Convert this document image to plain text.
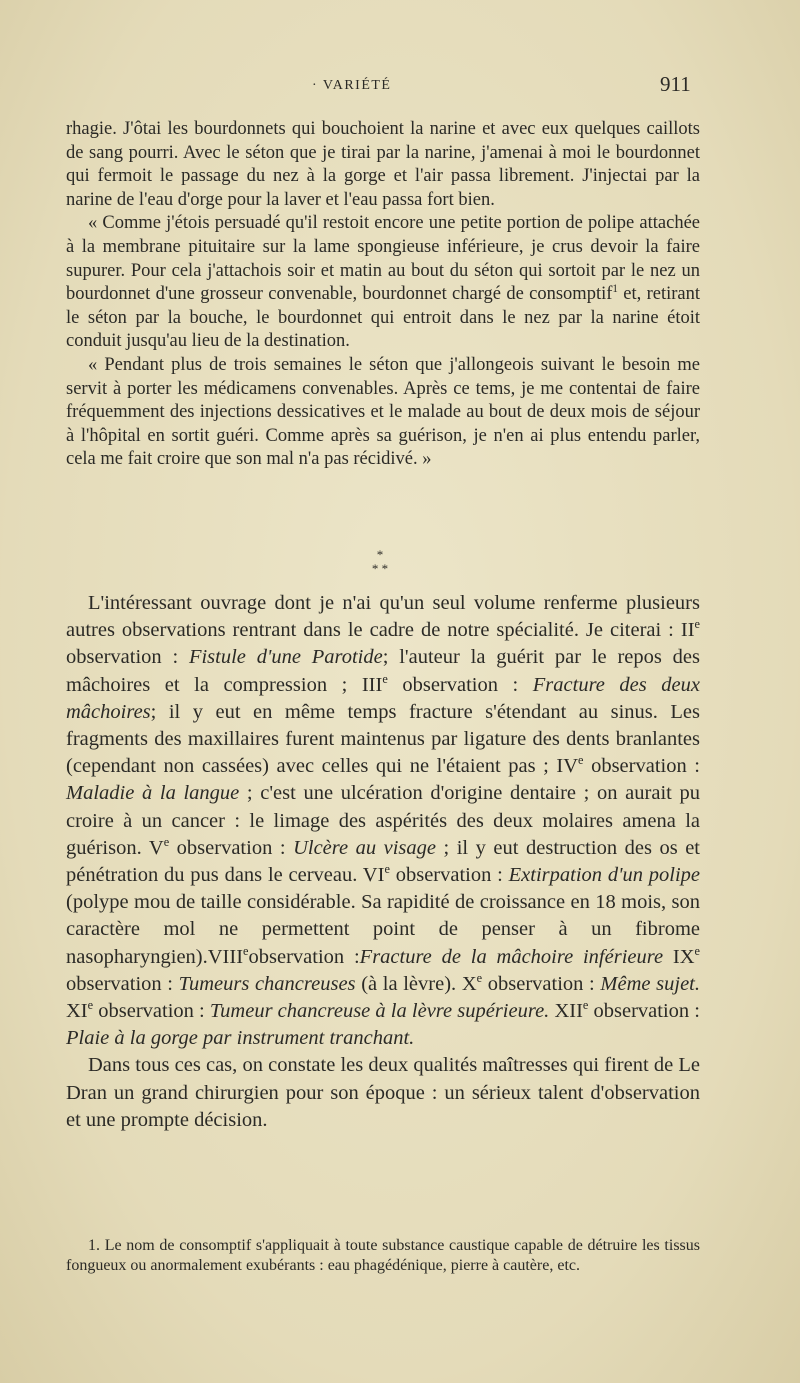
· VARIÉTÉ	911

rhagie. J'ôtai les bourdonnets qui bouchoient la narine et avec eux quelques caillots de sang pourri. Avec le séton que je tirai par la narine, j'amenai à moi le bourdonnet qui fermoit le passage du nez à la gorge et l'air passa librement. J'injectai par la narine de l'eau d'orge pour la laver et l'eau passa fort bien.

« Comme j'étois persuadé qu'il restoit encore une petite portion de polipe attachée à la membrane pituitaire sur la lame spongieuse inférieure, je crus devoir la faire supurer. Pour cela j'attachois soir et matin au bout du séton qui sortoit par le nez un bourdonnet d'une grosseur convenable, bourdonnet chargé de consomptif$^1$ et, retirant le séton par la bouche, le bourdonnet qui entroit dans le nez par la narine étoit conduit jusqu'au lieu de la destination.

« Pendant plus de trois semaines le séton que j'allongeois suivant le besoin me servit à porter les médicamens convenables. Après ce tems, je me contentai de faire fréquemment des injections dessicatives et le malade au bout de deux mois de séjour à l'hôpital en sortit guéri. Comme après sa guérison, je n'en ai plus entendu parler, cela me fait croire que son mal n'a pas récidivé. »

*
* *

L'intéressant ouvrage dont je n'ai qu'un seul volume renferme plusieurs autres observations rentrant dans le cadre de notre spécialité. Je citerai : IIe observation : Fistule d'une Parotide; l'auteur la guérit par le repos des mâchoires et la compression ; IIIe observation : Fracture des deux mâchoires; il y eut en même temps fracture s'étendant au sinus. Les fragments des maxillaires furent maintenus par ligature des dents branlantes (cependant non cassées) avec celles qui ne l'étaient pas ; IVe observation : Maladie à la langue ; c'est une ulcération d'origine dentaire ; on aurait pu croire à un cancer : le limage des aspérités des deux molaires amena la guérison. Ve observation : Ulcère au visage ; il y eut destruction des os et pénétration du pus dans le cerveau. VIe observation : Extirpation d'un polipe (polype mou de taille considérable. Sa rapidité de croissance en 18 mois, son caractère mol ne permettent point de penser à un fibrome nasopharyngien).VIIIeobservation :Fracture de la mâchoire inférieure IXe observation : Tumeurs chancreuses (à la lèvre). Xe observation : Même sujet. XIe observation : Tumeur chancreuse à la lèvre supérieure. XIIe observation : Plaie à la gorge par instrument tranchant.

Dans tous ces cas, on constate les deux qualités maîtresses qui firent de Le Dran un grand chirurgien pour son époque : un sérieux talent d'observation et une prompte décision.

1. Le nom de consomptif s'appliquait à toute substance caustique capable de détruire les tissus fongueux ou anormalement exubérants : eau phagédénique, pierre à cautère, etc.
